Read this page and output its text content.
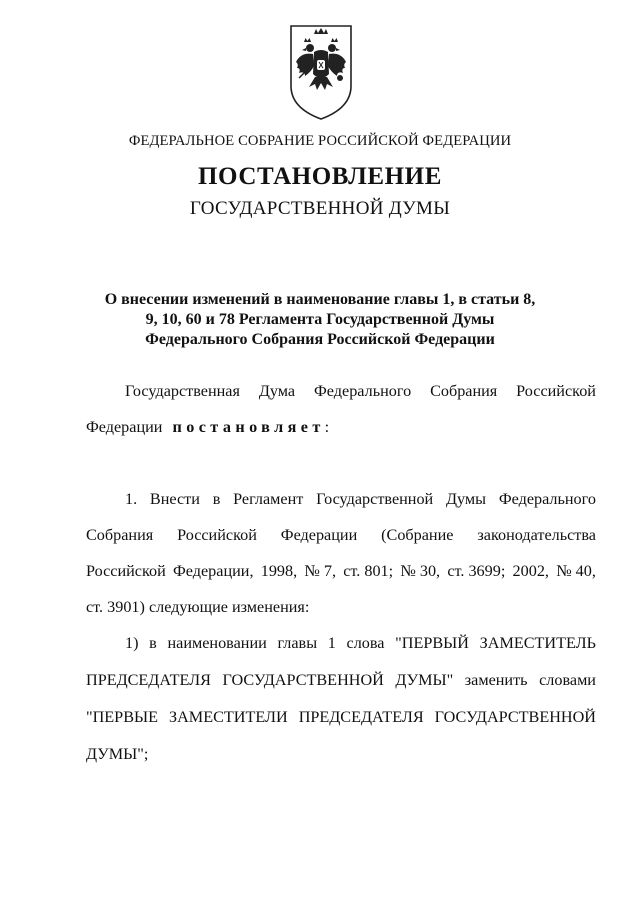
ФЕДЕРАЛЬНОЕ СОБРАНИЕ РОССИЙСКОЙ ФЕДЕРАЦИИ
ПОСТАНОВЛЕНИЕ
ГОСУДАРСТВЕННОЙ ДУМЫ
О внесении изменений в наименование главы 1, в статьи 8,
9, 10, 60 и 78 Регламента Государственной Думы
Федерального Собрания Российской Федерации
Государственная Дума Федерального Собрания Российской
Федерации постановляет:
1. Внести в Регламент Государственной Думы Федерального
Собрания Российской Федерации (Собрание законодательства
Российской Федерации, 1998, № 7, ст. 801; № 30, ст. 3699; 2002, № 40,
ст. 3901) следующие изменения:
1) в наименовании главы 1 слова "ПЕРВЫЙ ЗАМЕСТИТЕЛЬ
ПРЕДСЕДАТЕЛЯ ГОСУДАРСТВЕННОЙ ДУМЫ" заменить словами
"ПЕРВЫЕ ЗАМЕСТИТЕЛИ ПРЕДСЕДАТЕЛЯ ГОСУДАРСТВЕННОЙ
ДУМЫ";
